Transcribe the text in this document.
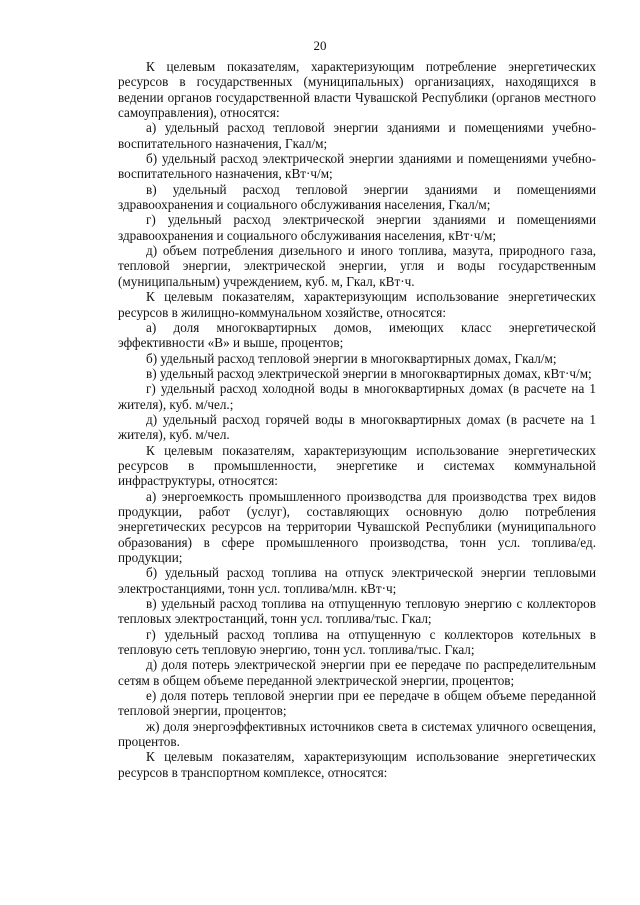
20

К целевым показателям, характеризующим потребление энергетических ресурсов в государственных (муниципальных) организациях, находящихся в ведении органов государственной власти Чувашской Республики (органов местного самоуправления), относятся:

а) удельный расход тепловой энергии зданиями и помещениями учебно-воспитательного назначения, Гкал/м;

б) удельный расход электрической энергии зданиями и помещениями учебно-воспитательного назначения, кВт·ч/м;

в) удельный расход тепловой энергии зданиями и помещениями здравоохранения и социального обслуживания населения, Гкал/м;

г) удельный расход электрической энергии зданиями и помещениями здравоохранения и социального обслуживания населения, кВт·ч/м;

д) объем потребления дизельного и иного топлива, мазута, природного газа, тепловой энергии, электрической энергии, угля и воды государственным (муниципальным) учреждением, куб. м, Гкал, кВт·ч.

К целевым показателям, характеризующим использование энергетических ресурсов в жилищно-коммунальном хозяйстве, относятся:

а) доля многоквартирных домов, имеющих класс энергетической эффективности «В» и выше, процентов;

б) удельный расход тепловой энергии в многоквартирных домах, Гкал/м;

в) удельный расход электрической энергии в многоквартирных домах, кВт·ч/м;

г) удельный расход холодной воды в многоквартирных домах (в расчете на 1 жителя), куб. м/чел.;

д) удельный расход горячей воды в многоквартирных домах (в расчете на 1 жителя), куб. м/чел.

К целевым показателям, характеризующим использование энергетических ресурсов в промышленности, энергетике и системах коммунальной инфраструктуры, относятся:

а) энергоемкость промышленного производства для производства трех видов продукции, работ (услуг), составляющих основную долю потребления энергетических ресурсов на территории Чувашской Республики (муниципального образования) в сфере промышленного производства, тонн усл. топлива/ед. продукции;

б) удельный расход топлива на отпуск электрической энергии тепловыми электростанциями, тонн усл. топлива/млн. кВт·ч;

в) удельный расход топлива на отпущенную тепловую энергию с коллекторов тепловых электростанций, тонн усл. топлива/тыс. Гкал;

г) удельный расход топлива на отпущенную с коллекторов котельных в тепловую сеть тепловую энергию, тонн усл. топлива/тыс. Гкал;

д) доля потерь электрической энергии при ее передаче по распределительным сетям в общем объеме переданной электрической энергии, процентов;

е) доля потерь тепловой энергии при ее передаче в общем объеме переданной тепловой энергии, процентов;

ж) доля энергоэффективных источников света в системах уличного освещения, процентов.

К целевым показателям, характеризующим использование энергетических ресурсов в транспортном комплексе, относятся:
